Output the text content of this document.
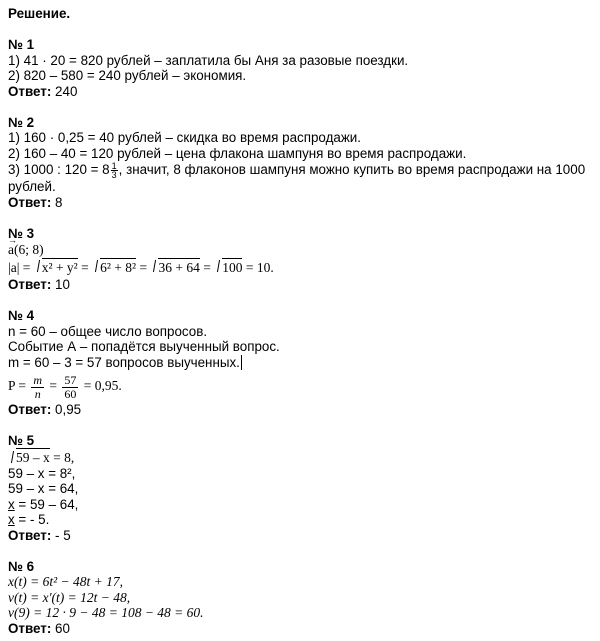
Решение.
№ 1
1) 41 · 20 = 820 рублей – заплатила бы Аня за разовые поездки.
2) 820 – 580 = 240 рублей – экономия.
Ответ: 240
№ 2
1) 160 · 0,25 = 40 рублей – скидка во время распродажи.
2) 160 – 40 = 120 рублей – цена флакона шампуня во время распродажи.
3) 1000 : $120 = 8 \frac{1}{3}$ , значит, 8 флаконов шампуня можно купить во время распродажи на 1000
рублей.
Ответ: 8
№ 3
→ a(6; 8)
|a| = x² + y² = 6² + 8² = 36 + 64 = 100 = 10.
Ответ: 10
№ 4
n = 60 – общее число вопросов.
Событие А – попадётся выученный вопрос.
m = 60 – 3 = 57 вопросов выученных.
$P = \frac{m}{n} = \frac{57}{60} = 0,95$.
Ответ: 0,95
№ 5
59 – x = 8,
59 – x = 8²,
59 – x = 64,
x = 59 – 64,
x = - 5.
Ответ: - 5
№ 6
x(t) = 6t² − 48t + 17,
v(t) = x′(t) = 12t − 48,
v(9) = 12 · 9 − 48 = 108 − 48 = 60.
Ответ: 60
